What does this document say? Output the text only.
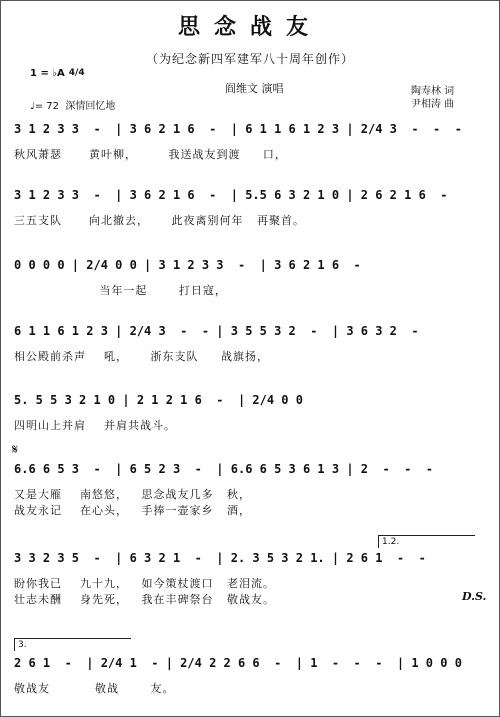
思念战友
（为纪念新四军建军八十周年创作）
1 = ♭A 4/4
♩= 72 深情回忆地
阎维文 演唱	陶寿林 词
尹相涛 曲
3 1 2 3 3  -  | 3 6 2 1 6  -  | 6 1 1 6 1 2 3 | 2/4 3  -  -  -
秋风萧瑟      黄叶柳，       我送战友到渡     口，
3 1 2 3 3  -  | 3 6 2 1 6  -  | 5.5 6 3 2 1 0 | 2 6 2 1 6  -
三五支队      向北撤去，     此夜离别何年   再聚首。
0 0 0 0 | 2/4 0 0 | 3 1 2 3 3  -  | 3 6 2 1 6  -
当年一起       打日寇，
6 1 1 6 1 2 3 | 2/4 3  -  - | 3 5 5 3 2  -  | 3 6 3 2  -
相公殿前杀声    吼，     浙东支队     战旗扬，
5. 5 5 3 2 1 0 | 2 1 2 1 6  -  | 2/4 0 0
四明山上并肩    并肩共战斗。
𝄋
6.6 6 5 3  -  | 6 5 2 3  -  | 6.6 6 5 3 6 1 3 | 2  -  -  -
又是大雁    南悠悠，   思念战友几多   秋，
战友永记    在心头，   手捧一壶家乡   酒，
1.2.
3 3 2 3 5  -  | 6 3 2 1  -  | 2. 3 5 3 2 1. | 2 6 1  -  -
盼你我已    九十九，   如今策杖渡口   老泪流。
壮志未酬    身先死，   我在丰碑祭台   敬战友。	D.S.
3.
2 6 1  -  | 2/4 1  - | 2/4 2 2 6 6  -  | 1  -  -  -  | 1 0 0 0
敬战友          敬战       友。
